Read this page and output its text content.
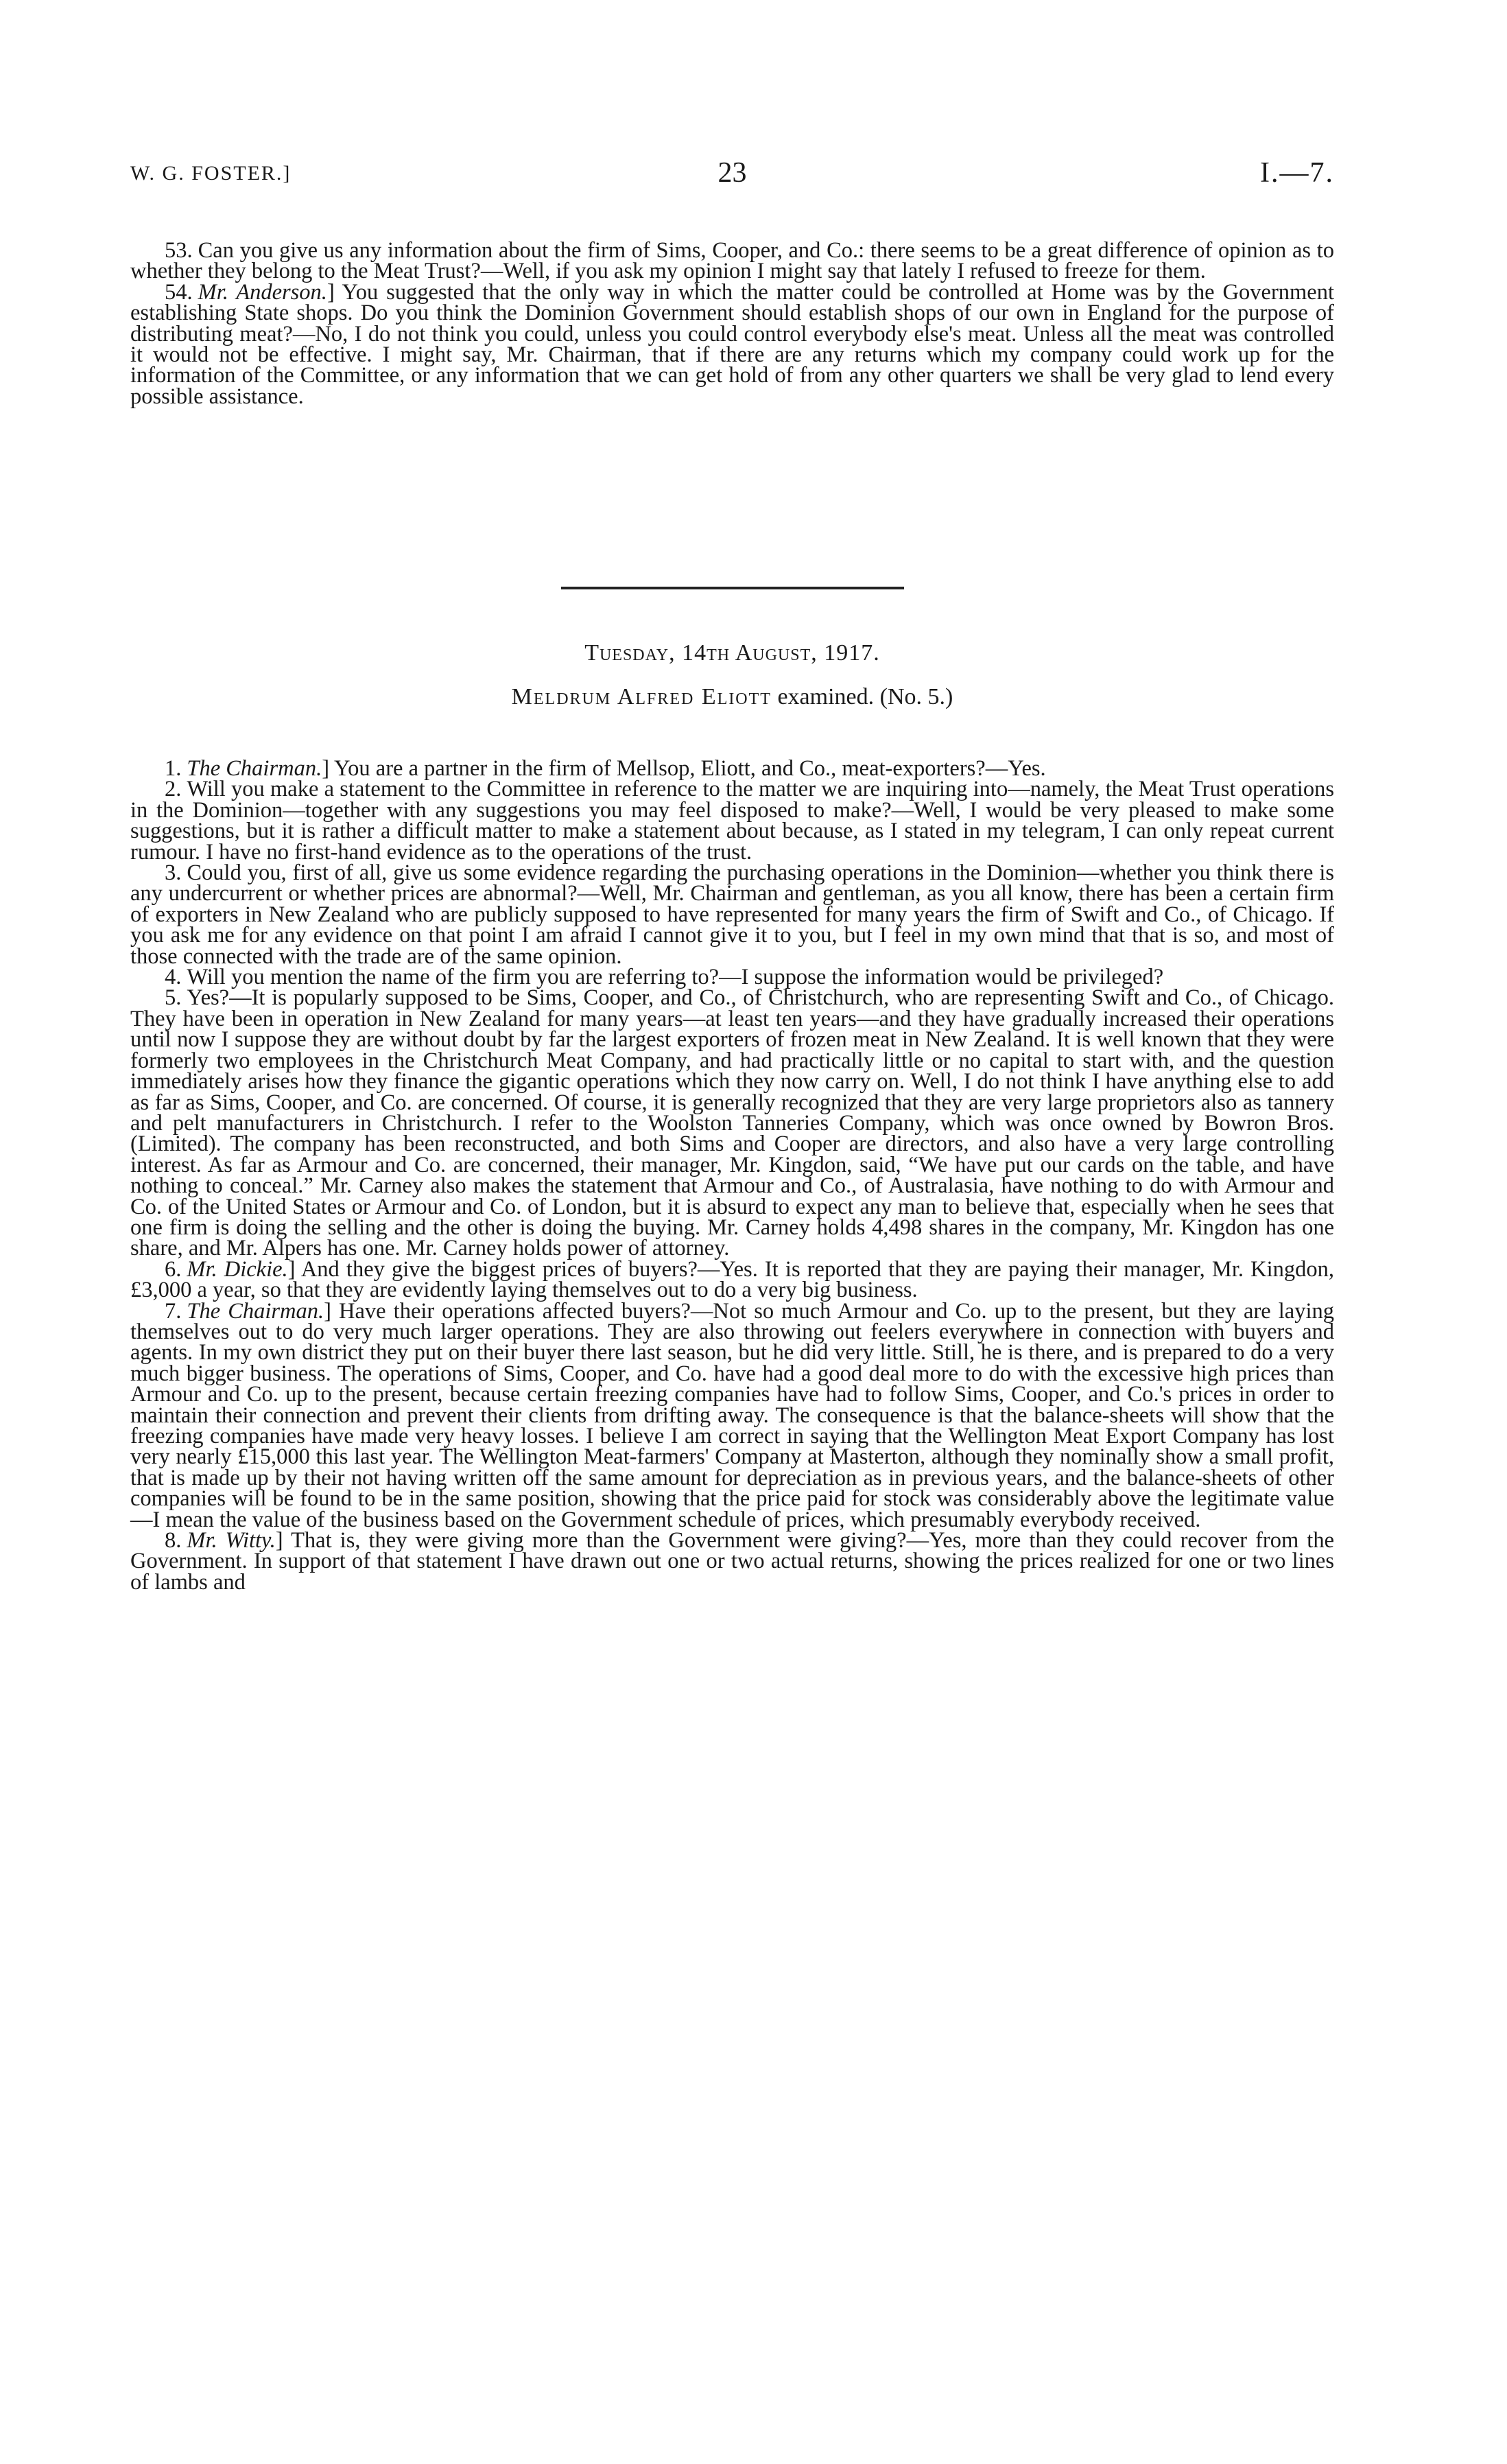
W. G. FOSTER.]	23	I.—7.

53. Can you give us any information about the firm of Sims, Cooper, and Co.: there seems to be a great difference of opinion as to whether they belong to the Meat Trust?—Well, if you ask my opinion I might say that lately I refused to freeze for them.

54. Mr. Anderson.] You suggested that the only way in which the matter could be controlled at Home was by the Government establishing State shops. Do you think the Dominion Government should establish shops of our own in England for the purpose of distributing meat?—No, I do not think you could, unless you could control everybody else's meat. Unless all the meat was controlled it would not be effective. I might say, Mr. Chairman, that if there are any returns which my company could work up for the information of the Committee, or any information that we can get hold of from any other quarters we shall be very glad to lend every possible assistance.

Tuesday, 14th August, 1917.
Meldrum Alfred Eliott examined. (No. 5.)

1. The Chairman.] You are a partner in the firm of Mellsop, Eliott, and Co., meat-exporters?—Yes.

2. Will you make a statement to the Committee in reference to the matter we are inquiring into—namely, the Meat Trust operations in the Dominion—together with any suggestions you may feel disposed to make?—Well, I would be very pleased to make some suggestions, but it is rather a difficult matter to make a statement about because, as I stated in my telegram, I can only repeat current rumour. I have no first-hand evidence as to the operations of the trust.

3. Could you, first of all, give us some evidence regarding the purchasing operations in the Dominion—whether you think there is any undercurrent or whether prices are abnormal?—Well, Mr. Chairman and gentleman, as you all know, there has been a certain firm of exporters in New Zealand who are publicly supposed to have represented for many years the firm of Swift and Co., of Chicago. If you ask me for any evidence on that point I am afraid I cannot give it to you, but I feel in my own mind that that is so, and most of those connected with the trade are of the same opinion.

4. Will you mention the name of the firm you are referring to?—I suppose the information would be privileged?

5. Yes?—It is popularly supposed to be Sims, Cooper, and Co., of Christchurch, who are representing Swift and Co., of Chicago. They have been in operation in New Zealand for many years—at least ten years—and they have gradually increased their operations until now I suppose they are without doubt by far the largest exporters of frozen meat in New Zealand. It is well known that they were formerly two employees in the Christchurch Meat Company, and had practically little or no capital to start with, and the question immediately arises how they finance the gigantic operations which they now carry on. Well, I do not think I have anything else to add as far as Sims, Cooper, and Co. are concerned. Of course, it is generally recognized that they are very large proprietors also as tannery and pelt manufacturers in Christchurch. I refer to the Woolston Tanneries Company, which was once owned by Bowron Bros. (Limited). The company has been reconstructed, and both Sims and Cooper are directors, and also have a very large controlling interest. As far as Armour and Co. are concerned, their manager, Mr. Kingdon, said, “We have put our cards on the table, and have nothing to conceal.” Mr. Carney also makes the statement that Armour and Co., of Australasia, have nothing to do with Armour and Co. of the United States or Armour and Co. of London, but it is absurd to expect any man to believe that, especially when he sees that one firm is doing the selling and the other is doing the buying. Mr. Carney holds 4,498 shares in the company, Mr. Kingdon has one share, and Mr. Alpers has one. Mr. Carney holds power of attorney.

6. Mr. Dickie.] And they give the biggest prices of buyers?—Yes. It is reported that they are paying their manager, Mr. Kingdon, £3,000 a year, so that they are evidently laying themselves out to do a very big business.

7. The Chairman.] Have their operations affected buyers?—Not so much Armour and Co. up to the present, but they are laying themselves out to do very much larger operations. They are also throwing out feelers everywhere in connection with buyers and agents. In my own district they put on their buyer there last season, but he did very little. Still, he is there, and is prepared to do a very much bigger business. The operations of Sims, Cooper, and Co. have had a good deal more to do with the excessive high prices than Armour and Co. up to the present, because certain freezing companies have had to follow Sims, Cooper, and Co.'s prices in order to maintain their connection and prevent their clients from drifting away. The consequence is that the balance-sheets will show that the freezing companies have made very heavy losses. I believe I am correct in saying that the Wellington Meat Export Company has lost very nearly £15,000 this last year. The Wellington Meat-farmers' Company at Masterton, although they nominally show a small profit, that is made up by their not having written off the same amount for depreciation as in previous years, and the balance-sheets of other companies will be found to be in the same position, showing that the price paid for stock was considerably above the legitimate value—I mean the value of the business based on the Government schedule of prices, which presumably everybody received.

8. Mr. Witty.] That is, they were giving more than the Government were giving?—Yes, more than they could recover from the Government. In support of that statement I have drawn out one or two actual returns, showing the prices realized for one or two lines of lambs and
